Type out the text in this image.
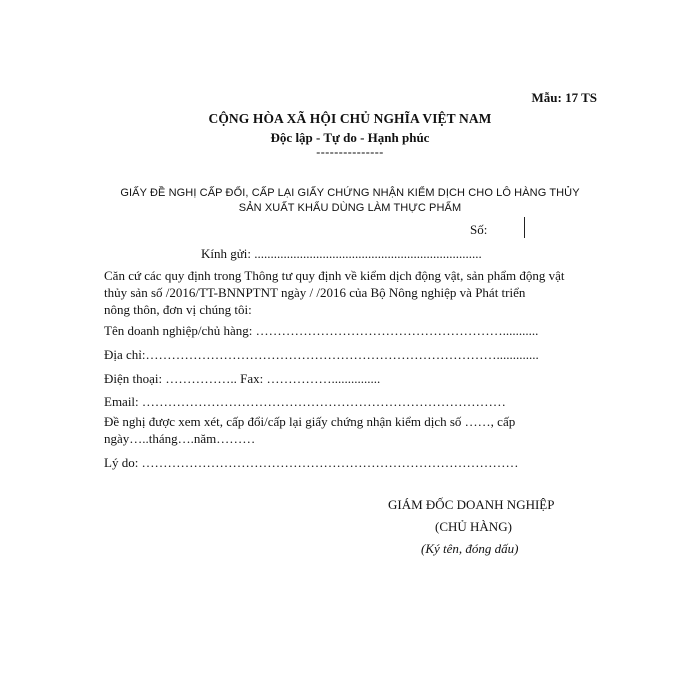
Mẫu: 17 TS
CỘNG HÒA XÃ HỘI CHỦ NGHĨA VIỆT NAM
Độc lập - Tự do - Hạnh phúc
---------------
GIẤY ĐỀ NGHỊ CẤP ĐỔI, CẤP LẠI GIẤY CHỨNG NHẬN KIỂM DỊCH CHO LÔ HÀNG THỦY
SẢN XUẤT KHẨU DÙNG LÀM THỰC PHẨM
Số:
Kính gửi: ......................................................................
Căn cứ các quy định trong Thông tư quy định về kiểm dịch động vật, sản phẩm động vật
thủy sản số /2016/TT-BNNPTNT ngày / /2016 của Bộ Nông nghiệp và Phát triển
nông thôn, đơn vị chúng tôi:
Tên doanh nghiệp/chủ hàng: …………………………………………………...........
Địa chỉ:……………………………………………………………………….............
Điện thoại: …………….. Fax: ……………...............
Email: …………………………………………………………………………
Đề nghị được xem xét, cấp đổi/cấp lại giấy chứng nhận kiểm dịch số ……, cấp
ngày…..tháng….năm………
Lý do: ……………………………………………………………………………
GIÁM ĐỐC DOANH NGHIỆP
(CHỦ HÀNG)
(Ký tên, đóng dấu)
